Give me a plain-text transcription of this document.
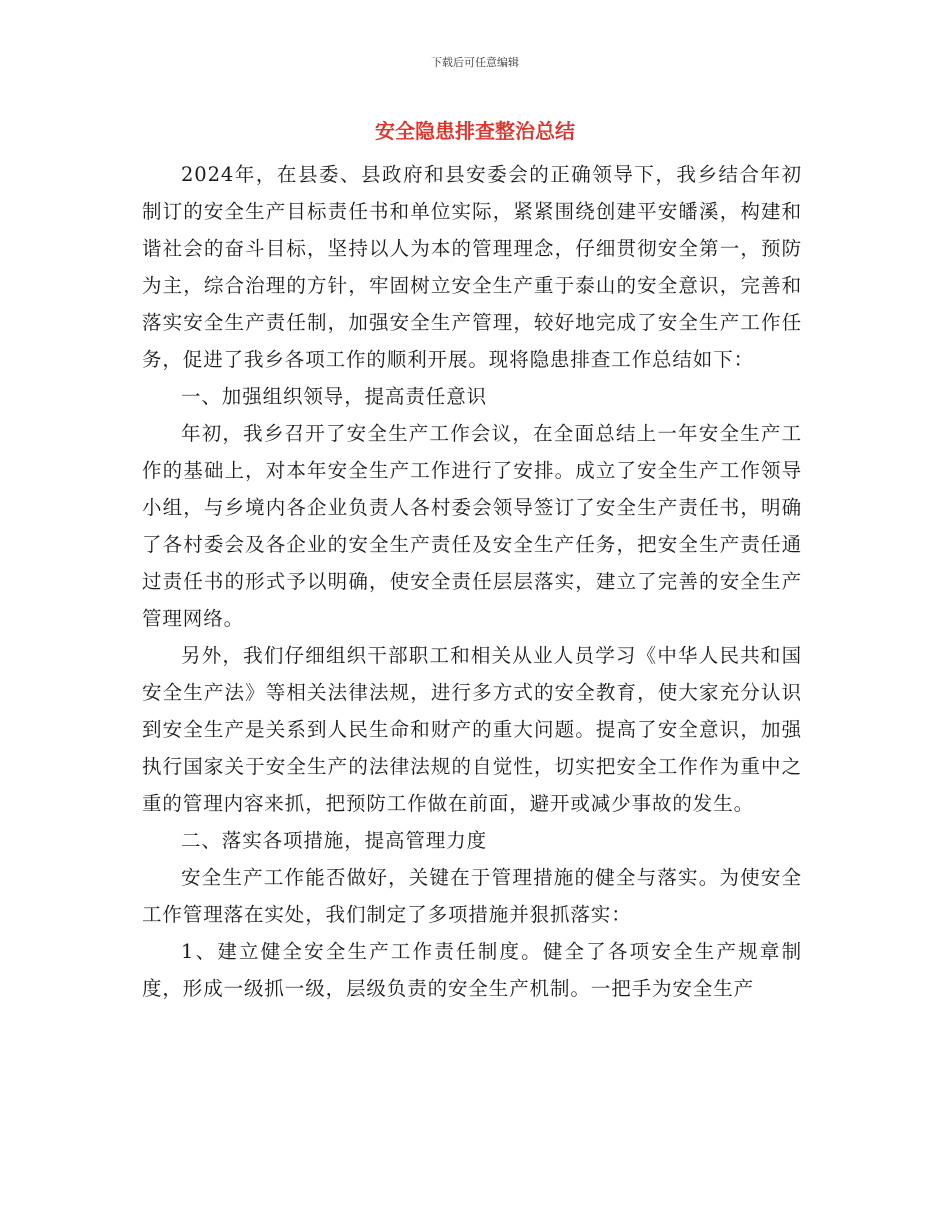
下载后可任意编辑
安全隐患排查整治总结

2024年，在县委、县政府和县安委会的正确领导下，我乡结合年初制订的安全生产目标责任书和单位实际，紧紧围绕创建平安皤溪，构建和谐社会的奋斗目标，坚持以人为本的管理理念，仔细贯彻安全第一，预防为主，综合治理的方针，牢固树立安全生产重于泰山的安全意识，完善和落实安全生产责任制，加强安全生产管理，较好地完成了安全生产工作任务，促进了我乡各项工作的顺利开展。现将隐患排查工作总结如下：

一、加强组织领导，提高责任意识

年初，我乡召开了安全生产工作会议，在全面总结上一年安全生产工作的基础上，对本年安全生产工作进行了安排。成立了安全生产工作领导小组，与乡境内各企业负责人各村委会领导签订了安全生产责任书，明确了各村委会及各企业的安全生产责任及安全生产任务，把安全生产责任通过责任书的形式予以明确，使安全责任层层落实，建立了完善的安全生产管理网络。

另外，我们仔细组织干部职工和相关从业人员学习《中华人民共和国安全生产法》等相关法律法规，进行多方式的安全教育，使大家充分认识到安全生产是关系到人民生命和财产的重大问题。提高了安全意识，加强执行国家关于安全生产的法律法规的自觉性，切实把安全工作作为重中之重的管理内容来抓，把预防工作做在前面，避开或减少事故的发生。

二、落实各项措施，提高管理力度

安全生产工作能否做好，关键在于管理措施的健全与落实。为使安全工作管理落在实处，我们制定了多项措施并狠抓落实：

1、建立健全安全生产工作责任制度。健全了各项安全生产规章制度，形成一级抓一级，层级负责的安全生产机制。一把手为安全生产
